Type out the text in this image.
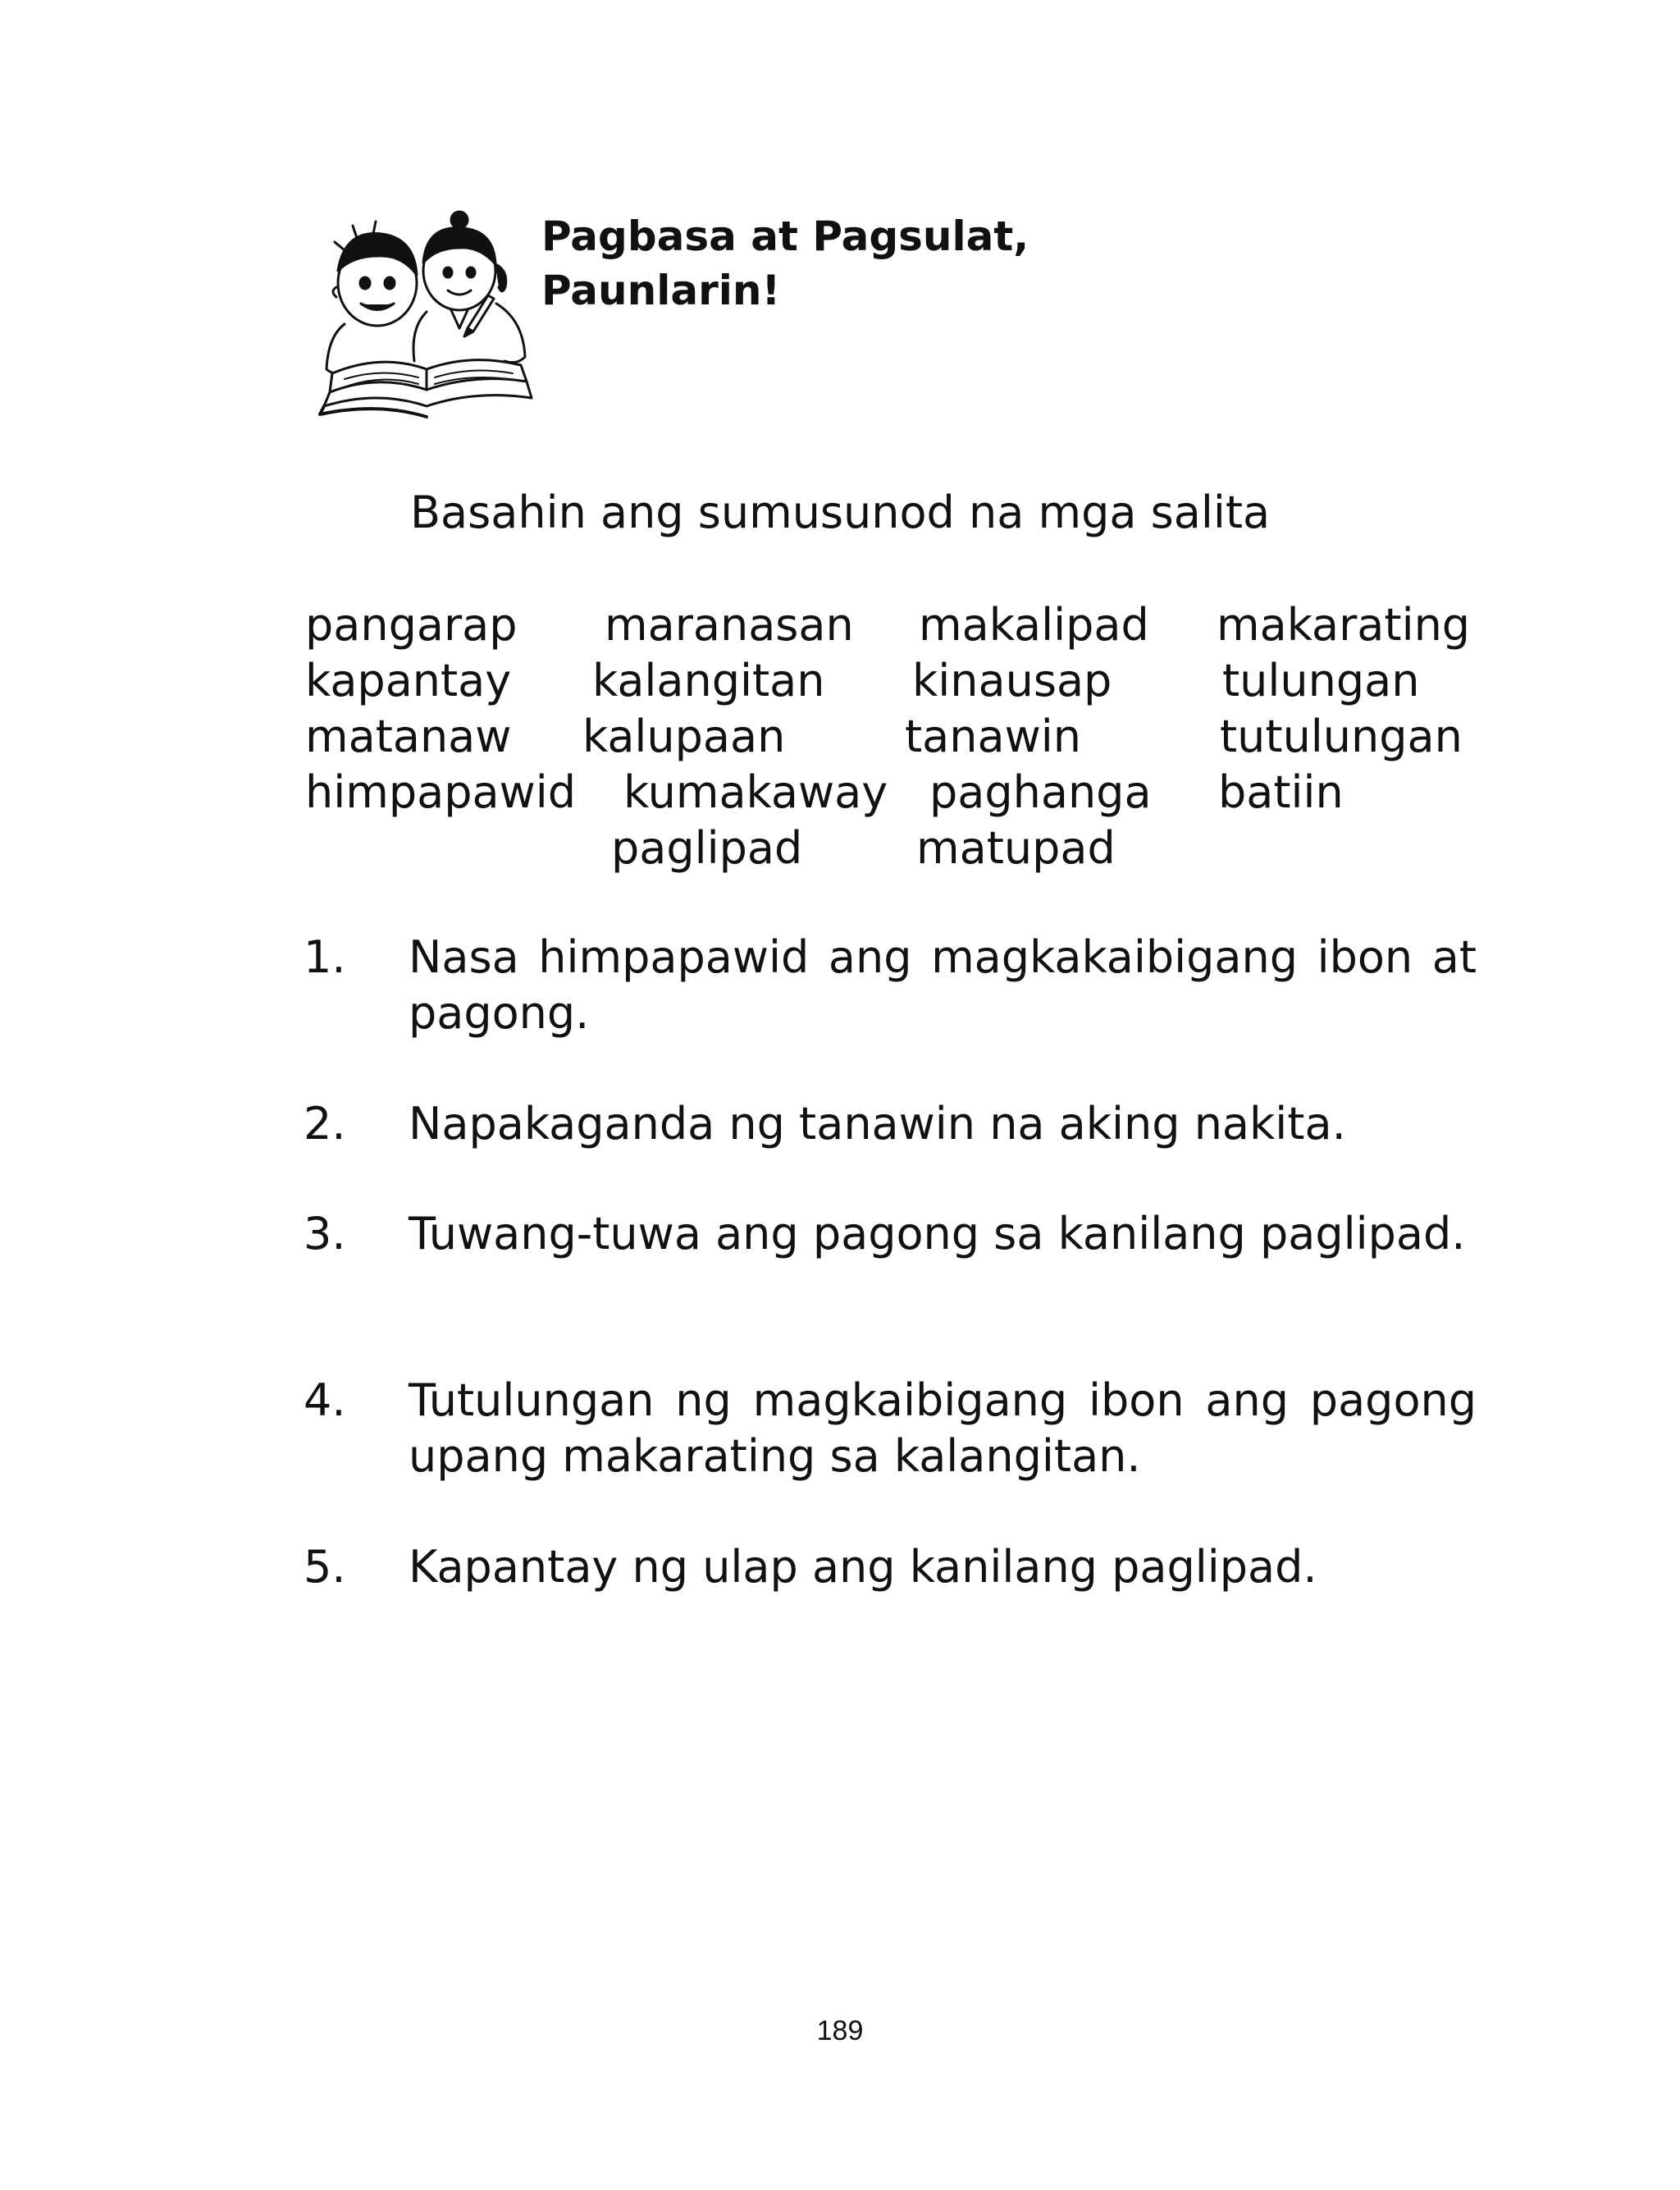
Pagbasa at Pagsulat,
Paunlarin!
Basahin ang sumusunod na mga salita
pangarap maranasan makalipad makarating
kapantay kalangitan kinausap tulungan
matanaw kalupaan	tanawin	tutulungan
himpapawid kumakaway paghanga batiin
paglipad	matupad
1.	Nasa himpapawid ang magkakaibigang ibon at pagong.
2.	Napakaganda ng tanawin na aking nakita.
3.	Tuwang-tuwa ang pagong sa kanilang paglipad.
4.	Tutulungan ng magkaibigang ibon ang pagong upang makarating sa kalangitan.
5.	Kapantay ng ulap ang kanilang paglipad.
189
